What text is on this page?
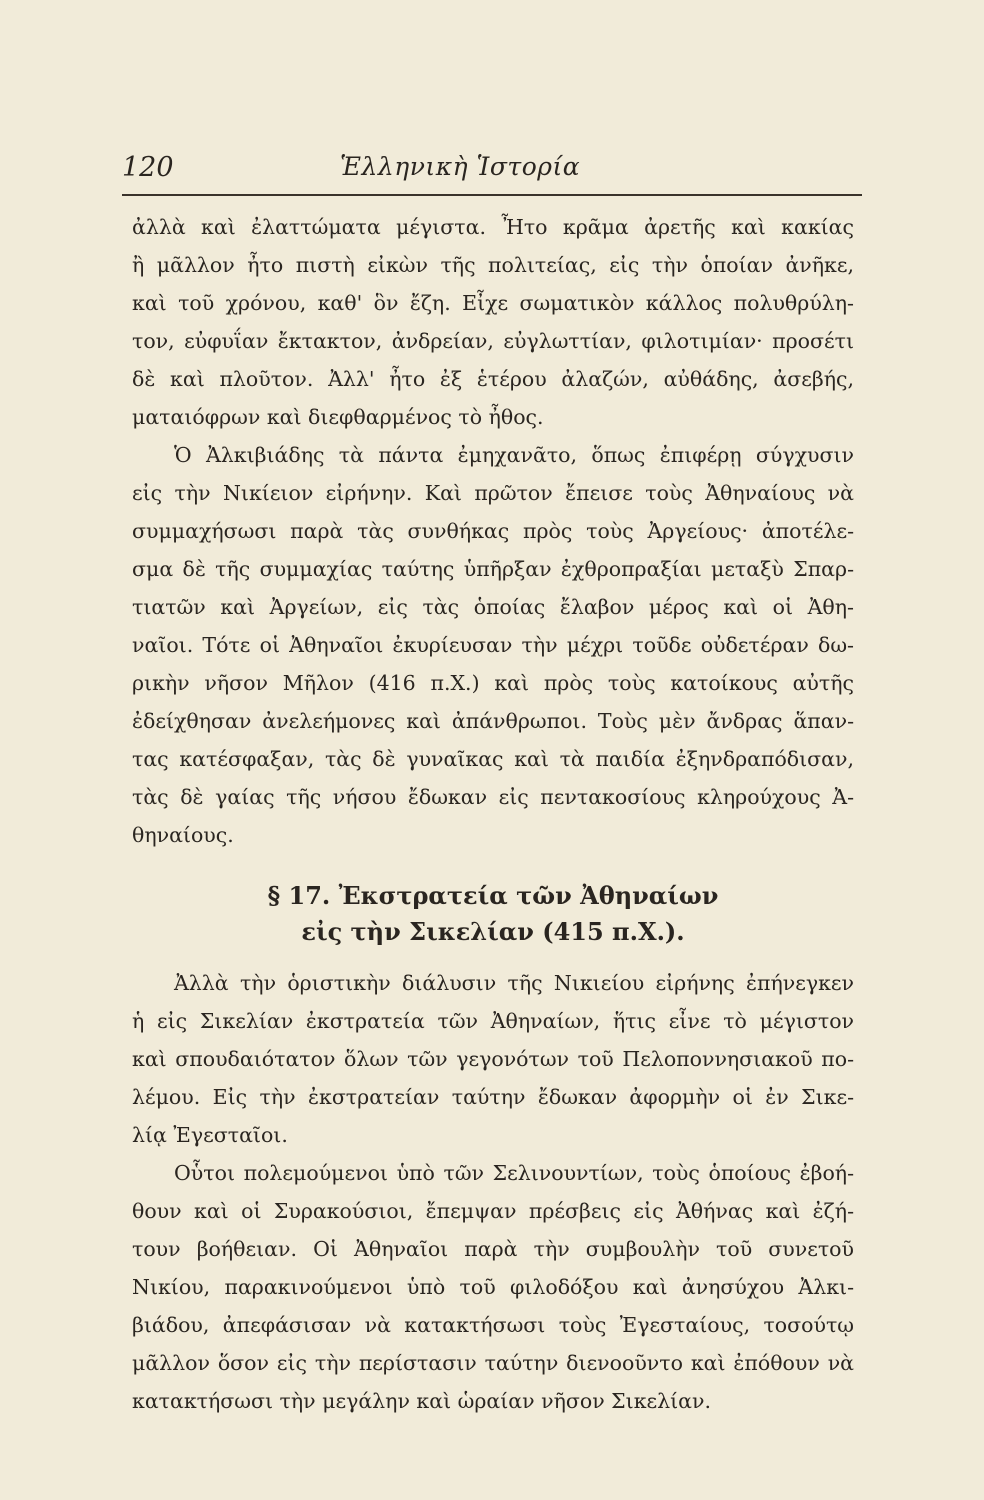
120	Ἑλληνικὴ Ἱστορία
ἀλλὰ καὶ ἐλαττώματα μέγιστα. Ἦτο κρᾶμα ἀρετῆς καὶ κακίας
ἢ μᾶλλον ἦτο πιστὴ εἰκὼν τῆς πολιτείας, εἰς τὴν ὁποίαν ἀνῆκε,
καὶ τοῦ χρόνου, καθ' ὃν ἔζη. Εἶχε σωματικὸν κάλλος πολυθρύλη-
τον, εὐφυΐαν ἔκτακτον, ἀνδρείαν, εὐγλωττίαν, φιλοτιμίαν· προσέτι
δὲ καὶ πλοῦτον. Ἀλλ' ἦτο ἐξ ἑτέρου ἀλαζών, αὐθάδης, ἀσεβής,
ματαιόφρων καὶ διεφθαρμένος τὸ ἦθος.
Ὁ Ἀλκιβιάδης τὰ πάντα ἐμηχανᾶτο, ὅπως ἐπιφέρῃ σύγχυσιν
εἰς τὴν Νικίειον εἰρήνην. Καὶ πρῶτον ἔπεισε τοὺς Ἀθηναίους νὰ
συμμαχήσωσι παρὰ τὰς συνθήκας πρὸς τοὺς Ἀργείους· ἀποτέλε-
σμα δὲ τῆς συμμαχίας ταύτης ὑπῆρξαν ἐχθροπραξίαι μεταξὺ Σπαρ-
τιατῶν καὶ Ἀργείων, εἰς τὰς ὁποίας ἔλαβον μέρος καὶ οἱ Ἀθη-
ναῖοι. Τότε οἱ Ἀθηναῖοι ἐκυρίευσαν τὴν μέχρι τοῦδε οὐδετέραν δω-
ρικὴν νῆσον Μῆλον (416 π.Χ.) καὶ πρὸς τοὺς κατοίκους αὐτῆς
ἐδείχθησαν ἀνελεήμονες καὶ ἀπάνθρωποι. Τοὺς μὲν ἄνδρας ἅπαν-
τας κατέσφαξαν, τὰς δὲ γυναῖκας καὶ τὰ παιδία ἐξηνδραπόδισαν,
τὰς δὲ γαίας τῆς νήσου ἔδωκαν εἰς πεντακοσίους κληρούχους Ἀ-
θηναίους.
§ 17. Ἐκστρατεία τῶν Ἀθηναίων
εἰς τὴν Σικελίαν (415 π.Χ.).
Ἀλλὰ τὴν ὁριστικὴν διάλυσιν τῆς Νικιείου εἰρήνης ἐπήνεγκεν
ἡ εἰς Σικελίαν ἐκστρατεία τῶν Ἀθηναίων, ἥτις εἶνε τὸ μέγιστον
καὶ σπουδαιότατον ὅλων τῶν γεγονότων τοῦ Πελοποννησιακοῦ πο-
λέμου. Εἰς τὴν ἐκστρατείαν ταύτην ἔδωκαν ἀφορμὴν οἱ ἐν Σικε-
λίᾳ Ἐγεσταῖοι.
Οὗτοι πολεμούμενοι ὑπὸ τῶν Σελινουντίων, τοὺς ὁποίους ἐβοή-
θουν καὶ οἱ Συρακούσιοι, ἔπεμψαν πρέσβεις εἰς Ἀθήνας καὶ ἐζή-
τουν βοήθειαν. Οἱ Ἀθηναῖοι παρὰ τὴν συμβουλὴν τοῦ συνετοῦ
Νικίου, παρακινούμενοι ὑπὸ τοῦ φιλοδόξου καὶ ἀνησύχου Ἀλκι-
βιάδου, ἀπεφάσισαν νὰ κατακτήσωσι τοὺς Ἐγεσταίους, τοσούτῳ
μᾶλλον ὅσον εἰς τὴν περίστασιν ταύτην διενοοῦντο καὶ ἐπόθουν νὰ
κατακτήσωσι τὴν μεγάλην καὶ ὡραίαν νῆσον Σικελίαν.
